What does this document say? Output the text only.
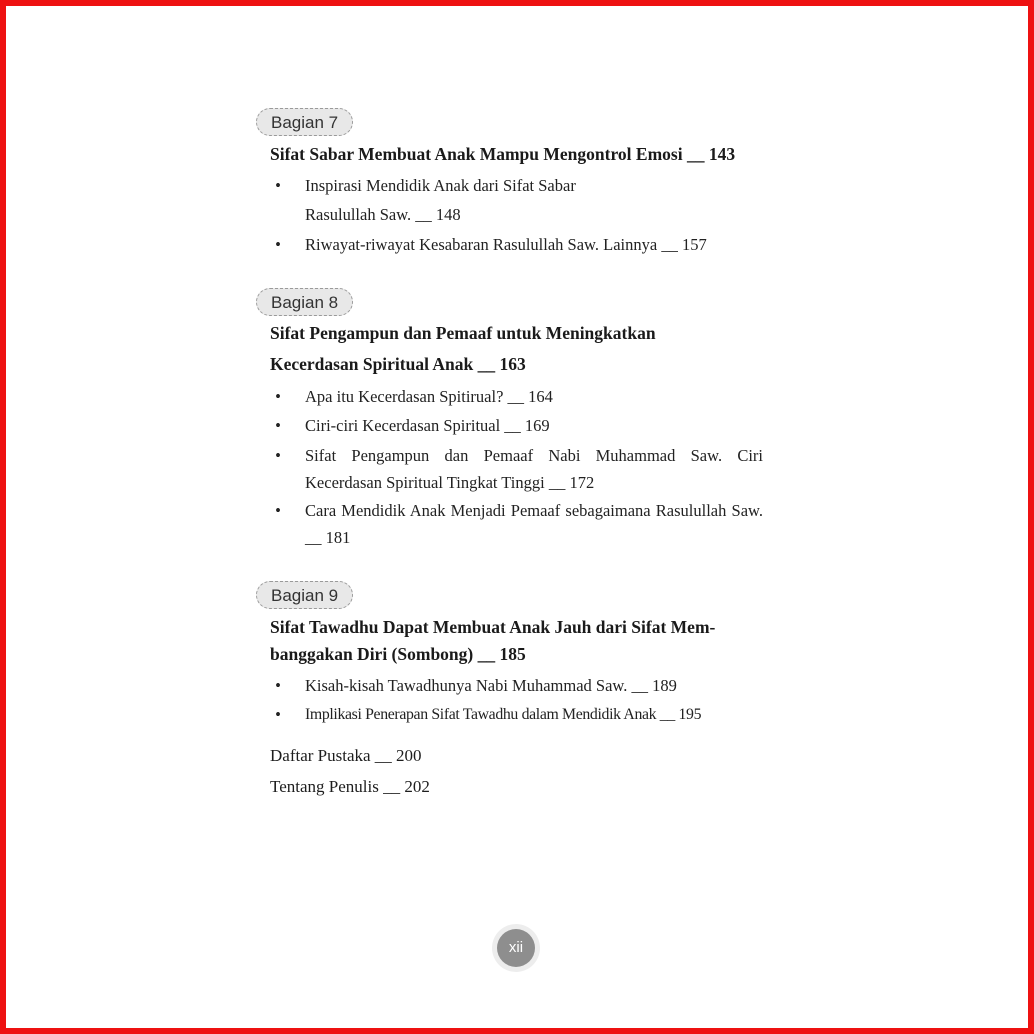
Bagian 7
Sifat Sabar Membuat Anak Mampu Mengontrol Emosi __ 143
• Inspirasi Mendidik Anak dari Sifat Sabar
Rasulullah Saw. __ 148
• Riwayat-riwayat Kesabaran Rasulullah Saw. Lainnya __ 157
Bagian 8
Sifat Pengampun dan Pemaaf untuk Meningkatkan
Kecerdasan Spiritual Anak __ 163
• Apa itu Kecerdasan Spitirual? __ 164
• Ciri-ciri Kecerdasan Spiritual __ 169
• Sifat Pengampun dan Pemaaf Nabi Muhammad Saw. Ciri Kecerdasan Spiritual Tingkat Tinggi __ 172
• Cara Mendidik Anak Menjadi Pemaaf sebagaimana Rasulullah Saw. __ 181
Bagian 9
Sifat Tawadhu Dapat Membuat Anak Jauh dari Sifat Mem-banggakan Diri (Sombong) __ 185
• Kisah-kisah Tawadhunya Nabi Muhammad Saw. __ 189
• Implikasi Penerapan Sifat Tawadhu dalam Mendidik Anak __ 195
Daftar Pustaka __ 200
Tentang Penulis __ 202
xii
